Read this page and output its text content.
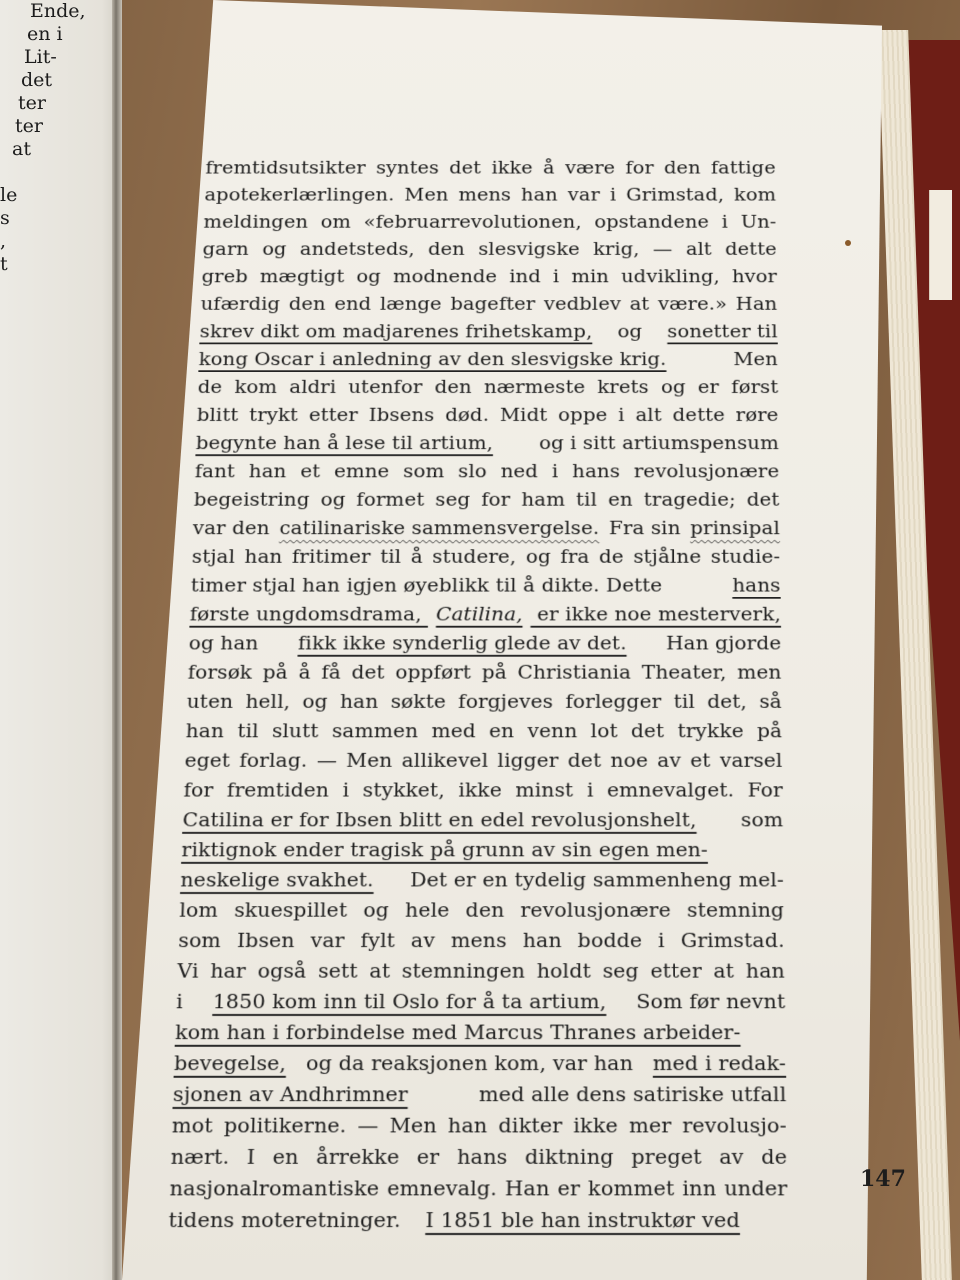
Ende,
en i
Lit-
det
ter
ter
at

le
s
,
t
fremtidsutsikter syntes det ikke å være for den fattige
apotekerlærlingen. Men mens han var i Grimstad, kom
meldingen om «februarrevolutionen, opstandene i Un-
garn og andetsteds, den slesvigske krig, — alt dette
greb mægtigt og modnende ind i min udvikling, hvor
ufærdig den end længe bagefter vedblev at være.» Han
skrev dikt om madjarenes frihetskamp, og sonetter til
kong Oscar i anledning av den slesvigske krig.	Men
de kom aldri utenfor den nærmeste krets og er først
blitt trykt etter Ibsens død. Midt oppe i alt dette røre
begynte han å lese til artium, og i sitt artiumspensum
fant han et emne som slo ned i hans revolusjonære
begeistring og formet seg for ham til en tragedie; det
var den catilinariske sammensvergelse. Fra sin prinsipal
stjal han fritimer til å studere, og fra de stjålne studie-
timer stjal han igjen øyeblikk til å dikte. Dette	hans
første ungdomsdrama, Catilina, er ikke noe mesterverk,
og han fikk ikke synderlig glede av det. Han gjorde
forsøk på å få det oppført på Christiania Theater, men
uten hell, og han søkte forgjeves forlegger til det, så
han til slutt sammen med en venn lot det trykke på
eget forlag. — Men allikevel ligger det noe av et varsel
for fremtiden i stykket, ikke minst i emnevalget. For
Catilina er for Ibsen blitt en edel revolusjonshelt, som
riktignok ender tragisk på grunn av sin egen men-
neskelige svakhet. Det er en tydelig sammenheng mel-
lom skuespillet og hele den revolusjonære stemning
som Ibsen var fylt av mens han bodde i Grimstad.
Vi har også sett at stemningen holdt seg etter at han
i 1850 kom inn til Oslo for å ta artium, Som før nevnt
kom han i forbindelse med Marcus Thranes arbeider-
bevegelse, og da reaksjonen kom, var han med i redak-
sjonen av Andhrimner	med alle dens satiriske utfall
mot politikerne. — Men han dikter ikke mer revolusjo-
nært. I en årrekke er hans diktning preget av de
nasjonalromantiske emnevalg. Han er kommet inn under
tidens moteretninger. I 1851 ble han instruktør ved
147
